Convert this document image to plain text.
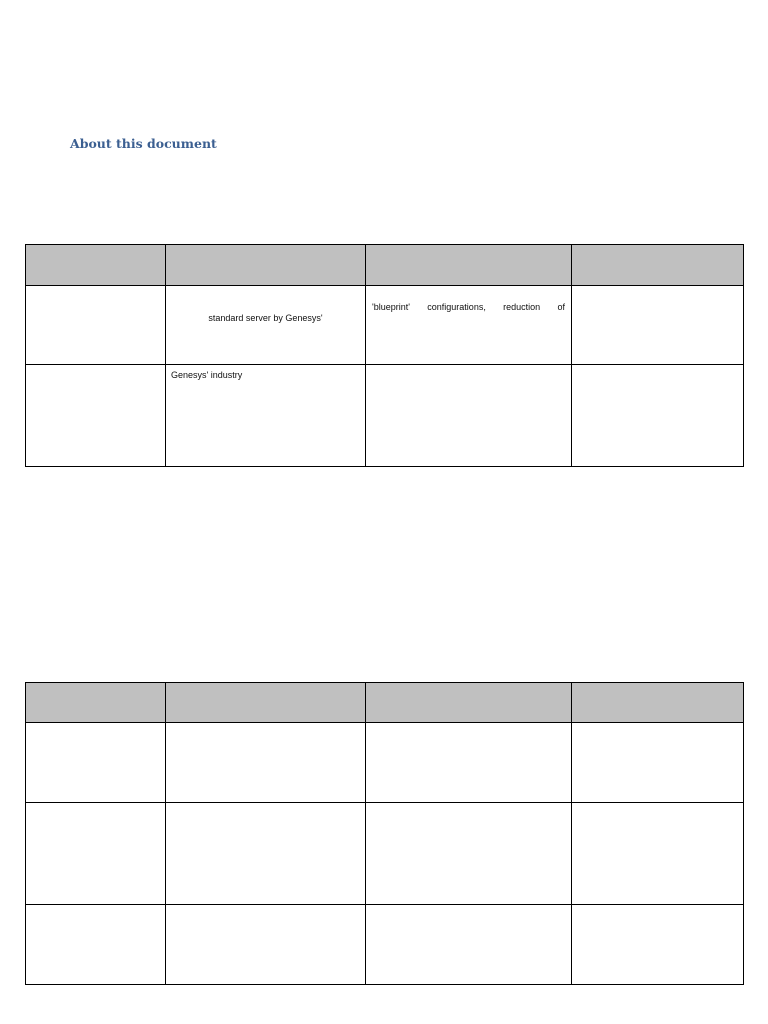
About this document

	standard server by Genesys'	'blueprint' configurations, reduction of	
	Genesys' industry		
